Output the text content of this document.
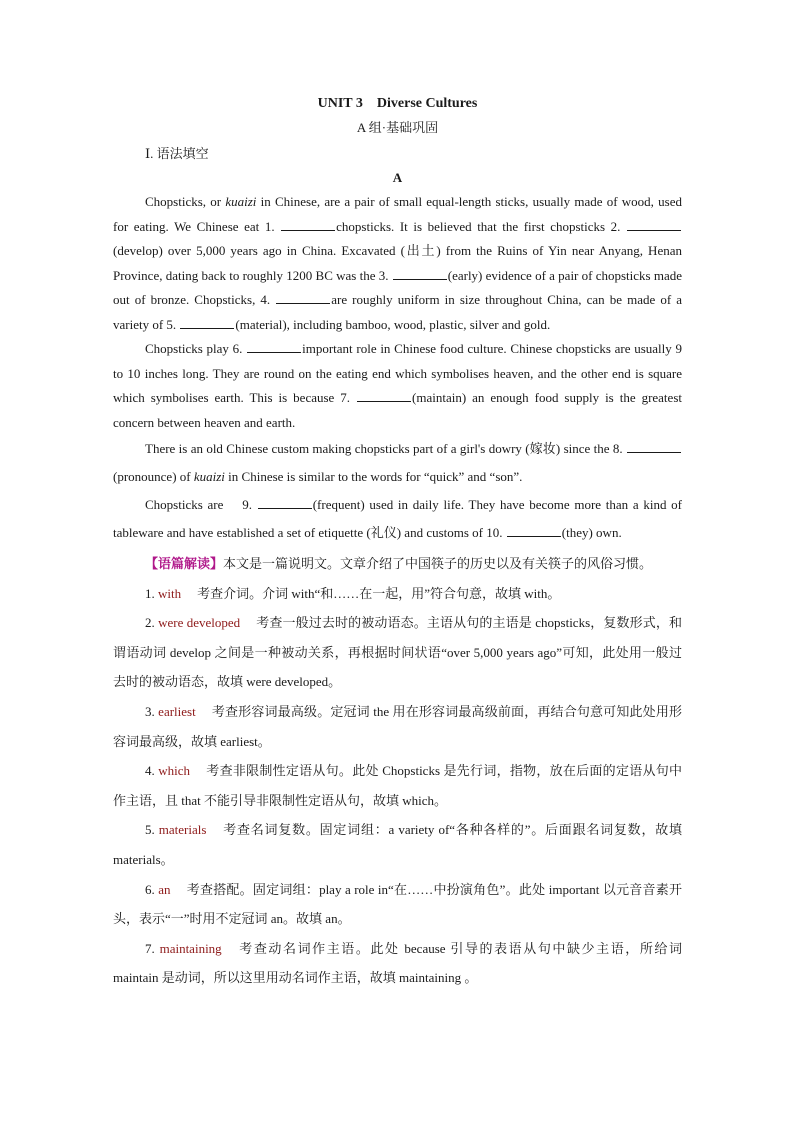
UNIT 3    Diverse Cultures
A 组·基础巩固
Ⅰ. 语法填空
A

Chopsticks, or kuaizi in Chinese, are a pair of small equal-length sticks, usually made of wood, used for eating. We Chinese eat 1.	chopsticks. It is believed that the first chopsticks 2. (develop) over 5,000 years ago in China. Excavated (出土) from the Ruins of Yin near Anyang, Henan Province, dating back to roughly 1200 BC was the 3.	(early) evidence of a pair of chopsticks made out of bronze. Chopsticks, 4.	are roughly uniform in size throughout China, can be made of a variety of 5.	(material), including bamboo, wood, plastic, silver and gold.

Chopsticks play 6.	important role in Chinese food culture. Chinese chopsticks are usually 9 to 10 inches long. They are round on the eating end which symbolises heaven, and the other end is square which symbolises earth. This is because 7.	(maintain) an enough food supply is the greatest concern between heaven and earth.

There is an old Chinese custom making chopsticks part of a girl's dowry (嫁妆) since the 8. (pronounce) of kuaizi in Chinese is similar to the words for “quick” and “son”.

Chopsticks are    9.	(frequent) used in daily life. They have become more than a kind of tableware and have established a set of etiquette (礼仪) and customs of 10.	(they) own.

【语篇解读】本文是一篇说明文。文章介绍了中国筷子的历史以及有关筷子的风俗习惯。

1. with 考查介词。介词 with“和……在一起，用”符合句意，故填 with。

2. were developed 考查一般过去时的被动语态。主语从句的主语是 chopsticks，复数形式，和谓语动词 develop 之间是一种被动关系，再根据时间状语“over 5,000 years ago”可知，此处用一般过去时的被动语态，故填 were developed。

3. earliest 考查形容词最高级。定冠词 the 用在形容词最高级前面，再结合句意可知此处用形容词最高级，故填 earliest。

4. which 考查非限制性定语从句。此处 Chopsticks 是先行词，指物，放在后面的定语从句中作主语，且 that 不能引导非限制性定语从句，故填 which。

5. materials 考查名词复数。固定词组：a variety of“各种各样的”。后面跟名词复数，故填 materials。

6. an 考查搭配。固定词组：play a role in“在……中扮演角色”。此处 important 以元音音素开头，表示“一”时用不定冠词 an。故填 an。

7. maintaining 考查动名词作主语。此处 because 引导的表语从句中缺少主语，所给词 maintain 是动词，所以这里用动名词作主语，故填 maintaining 。
